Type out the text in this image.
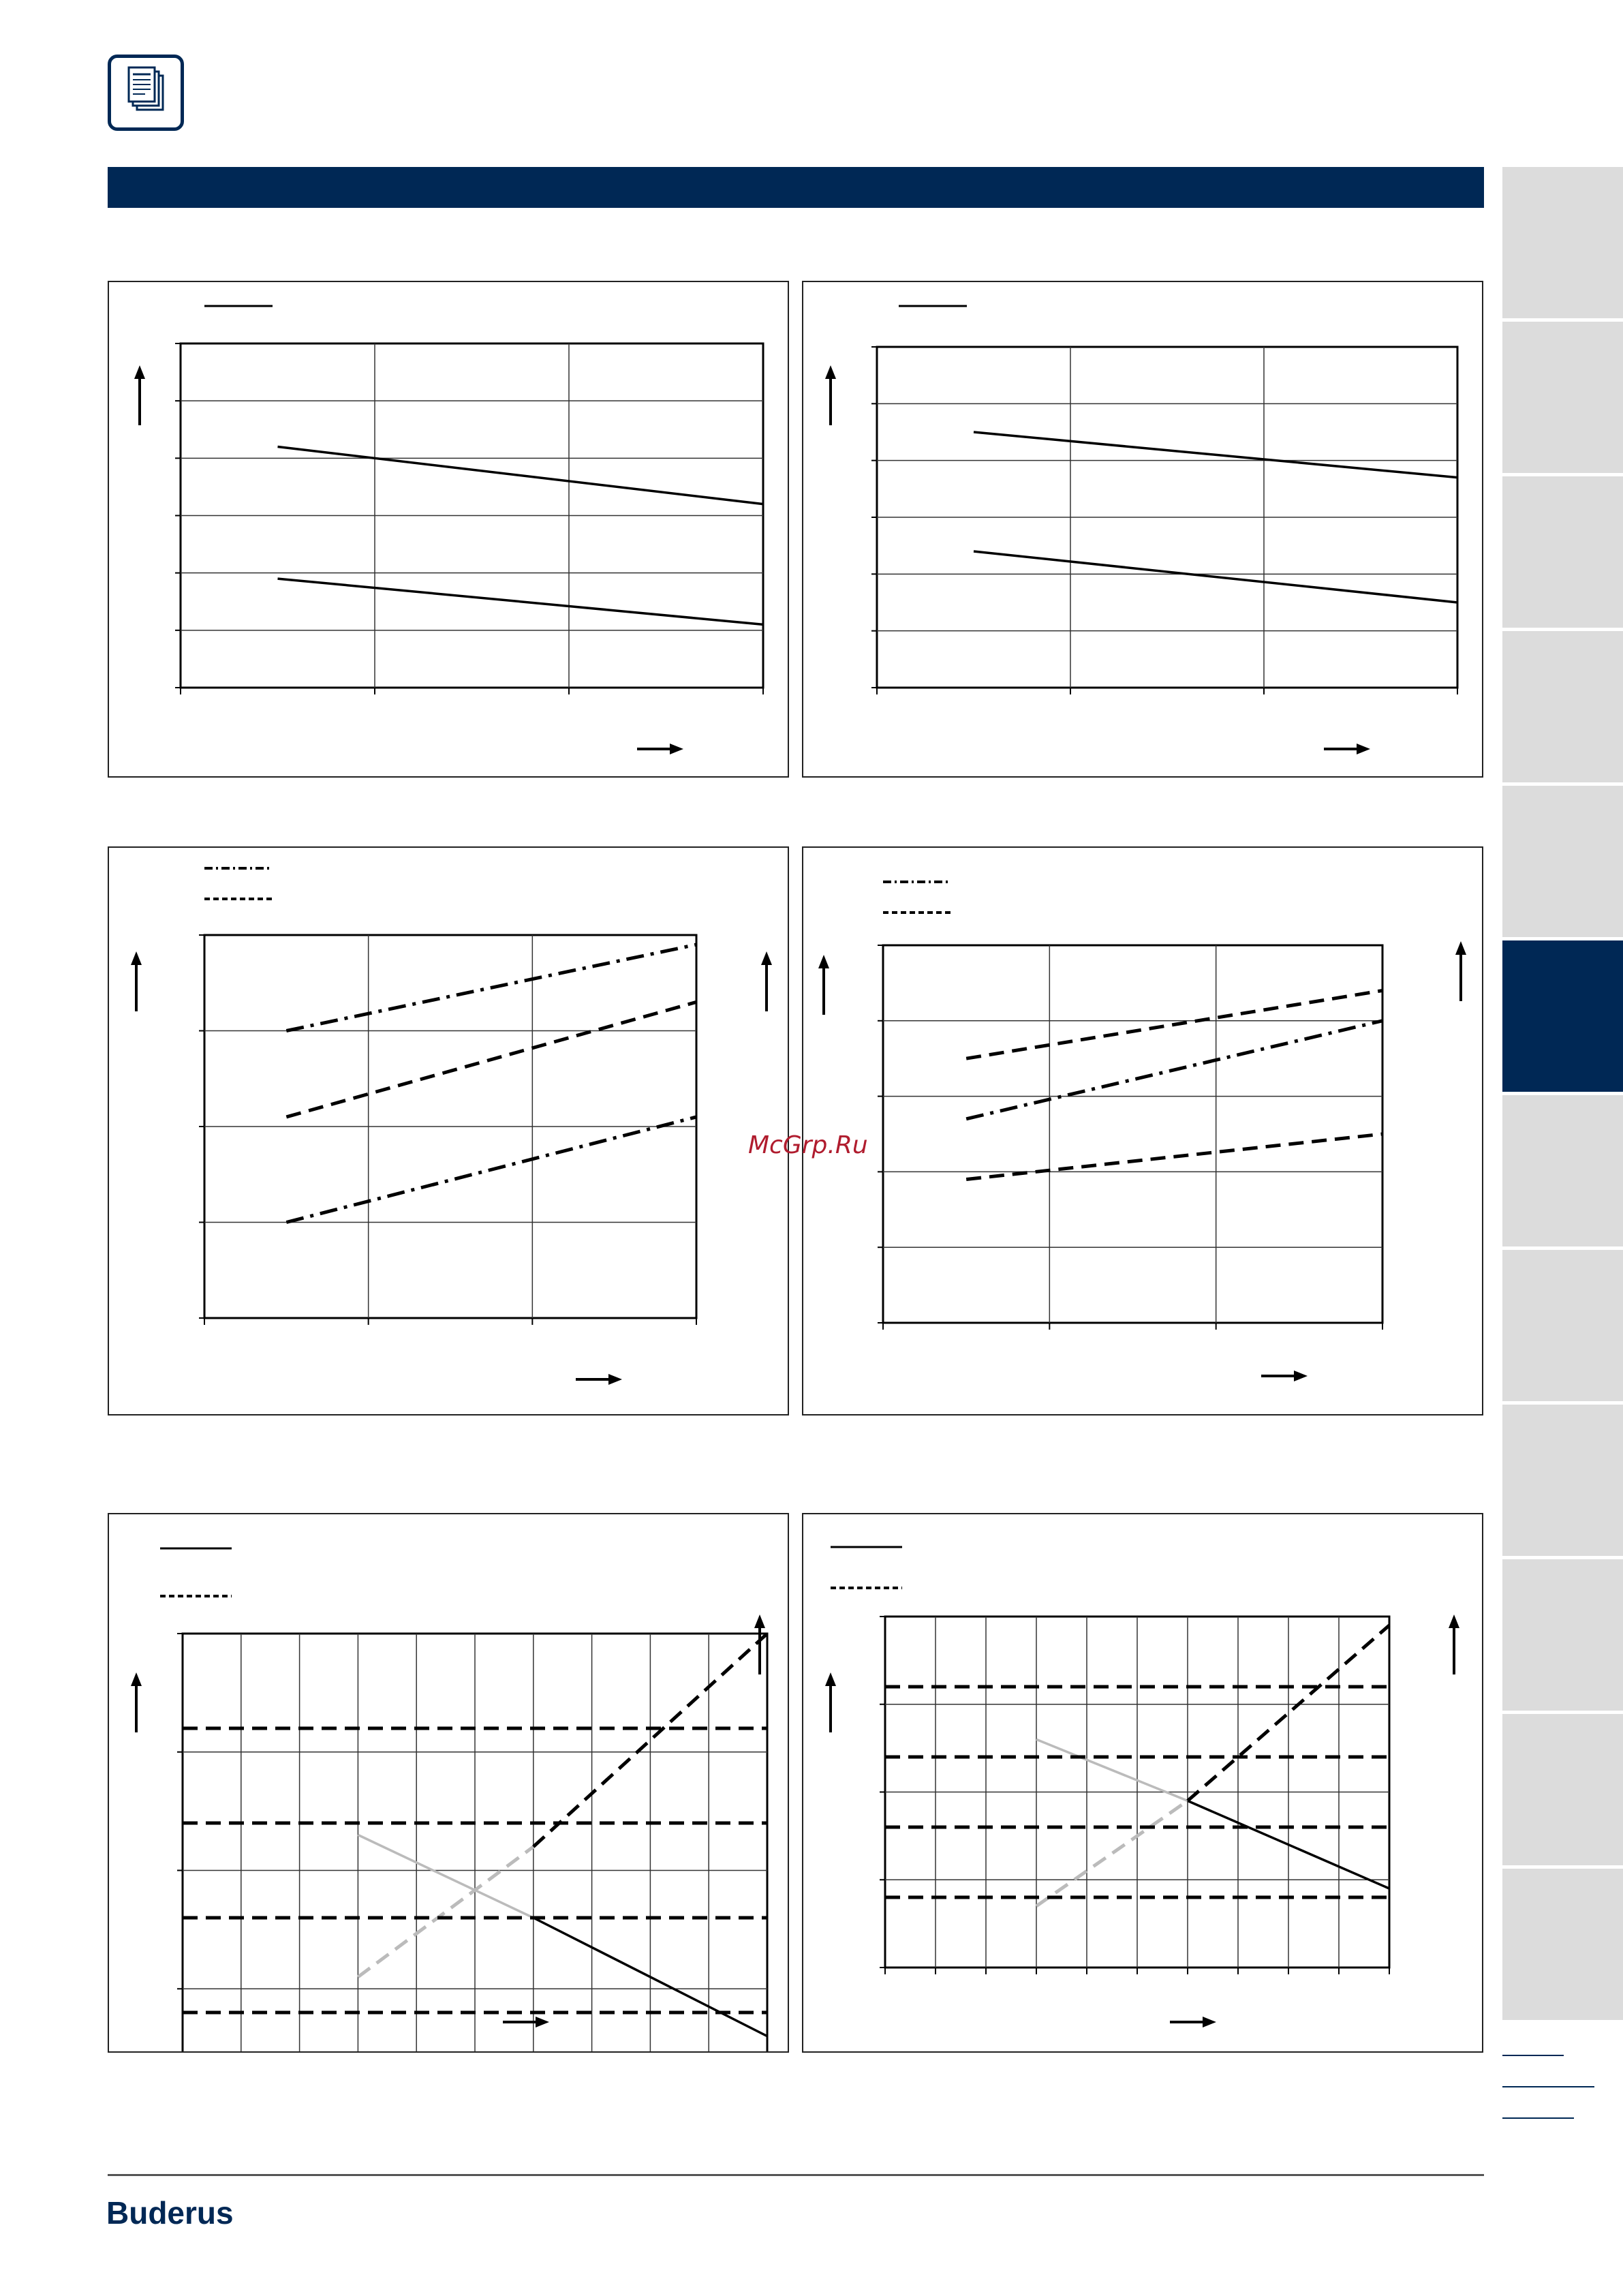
Buderus
McGrp.Ru
